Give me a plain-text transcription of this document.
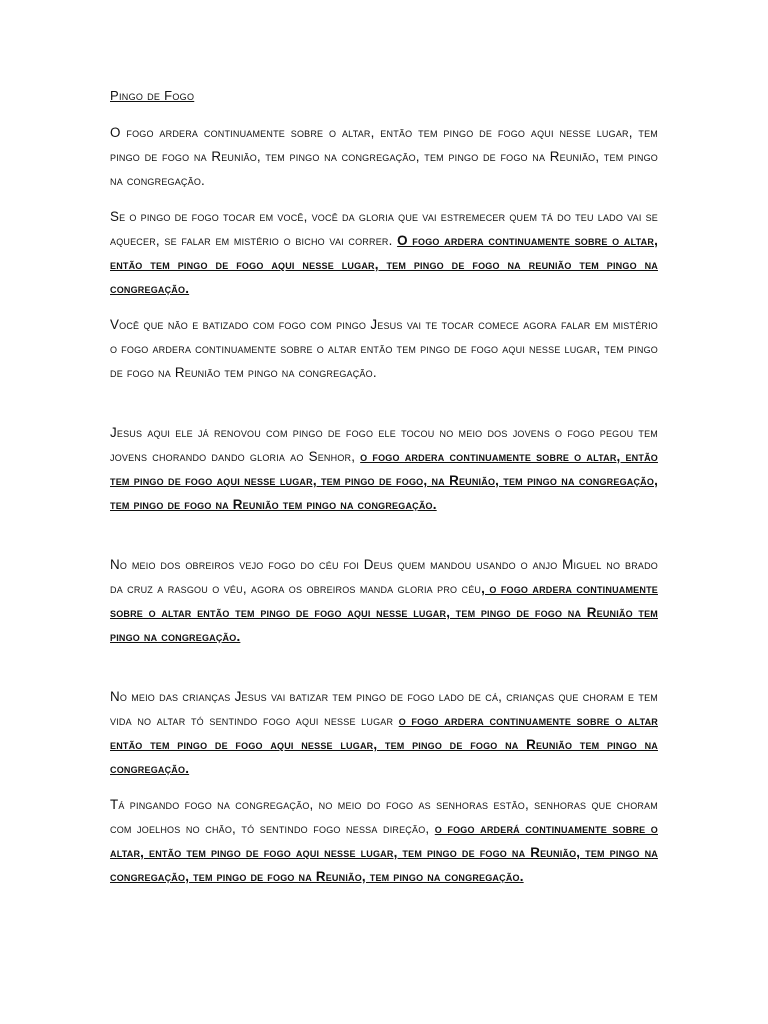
Pingo de Fogo

O fogo ardera continuamente sobre o altar, então tem pingo de fogo aqui nesse lugar, tem pingo de fogo na Reunião, tem pingo na congregação, tem pingo de fogo na Reunião, tem pingo na congregação.

Se o pingo de fogo tocar em você, você da gloria que vai estremecer quem tá do teu lado vai se aquecer, se falar em mistério o bicho vai correr. O fogo ardera continuamente sobre o altar, então tem pingo de fogo aqui nesse lugar, tem pingo de fogo na reunião tem pingo na congregação.

Você que não e batizado com fogo com pingo Jesus vai te tocar comece agora falar em mistério o fogo ardera continuamente sobre o altar então tem pingo de fogo aqui nesse lugar, tem pingo de fogo na Reunião tem pingo na congregação.

Jesus aqui ele já renovou com pingo de fogo ele tocou no meio dos jovens o fogo pegou tem jovens chorando dando gloria ao Senhor, o fogo ardera continuamente sobre o altar, então tem pingo de fogo aqui nesse lugar, tem pingo de fogo, na Reunião, tem pingo na congregação, tem pingo de fogo na Reunião tem pingo na congregação.

No meio dos obreiros vejo fogo do céu foi Deus quem mandou usando o anjo Miguel no brado da cruz a rasgou o véu, agora os obreiros manda gloria pro céu, o fogo ardera continuamente sobre o altar então tem pingo de fogo aqui nesse lugar, tem pingo de fogo na Reunião tem pingo na congregação.

No meio das crianças Jesus vai batizar tem pingo de fogo lado de cá, crianças que choram e tem vida no altar tó sentindo fogo aqui nesse lugar o fogo ardera continuamente sobre o altar então tem pingo de fogo aqui nesse lugar, tem pingo de fogo na Reunião tem pingo na congregação.

Tá pingando fogo na congregação, no meio do fogo as senhoras estão, senhoras que choram com joelhos no chão, tó sentindo fogo nessa direção, o fogo arderá continuamente sobre o altar, então tem pingo de fogo aqui nesse lugar, tem pingo de fogo na Reunião, tem pingo na congregação, tem pingo de fogo na Reunião, tem pingo na congregação.
